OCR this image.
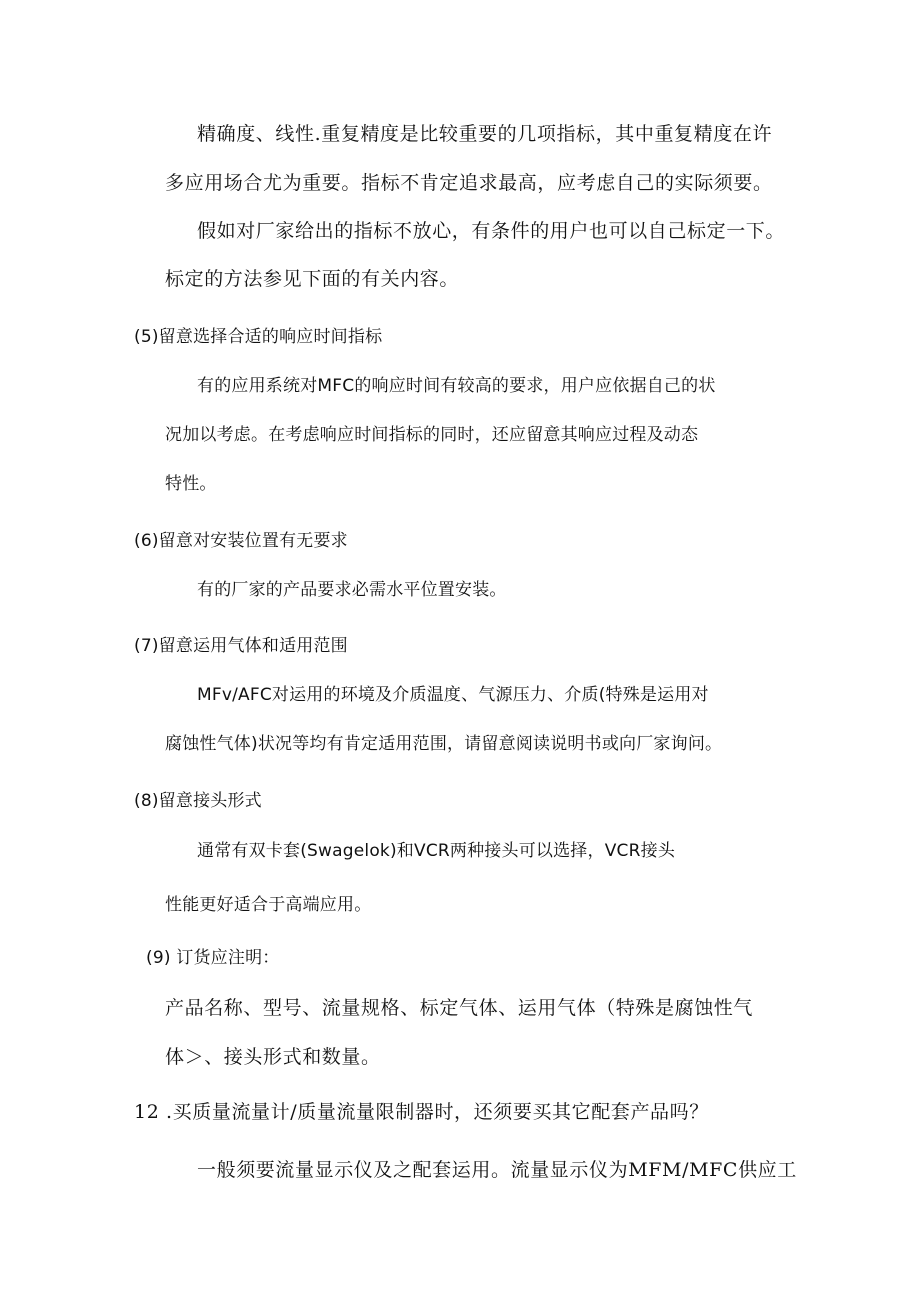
精确度、线性.重复精度是比较重要的几项指标，其中重复精度在许
多应用场合尤为重要。指标不肯定追求最高，应考虑自己的实际须要。
假如对厂家给出的指标不放心，有条件的用户也可以自己标定一下。
标定的方法参见下面的有关内容。
(5)留意选择合适的响应时间指标
有的应用系统对MFC的响应时间有较高的要求，用户应依据自己的状
况加以考虑。在考虑响应时间指标的同时，还应留意其响应过程及动态
特性。
(6)留意对安装位置有无要求
有的厂家的产品要求必需水平位置安装。
(7)留意运用气体和适用范围
MFv/AFC对运用的环境及介质温度、气源压力、介质(特殊是运用对
腐蚀性气体)状况等均有肯定适用范围，请留意阅读说明书或向厂家询问。
(8)留意接头形式
通常有双卡套(Swagelok)和VCR两种接头可以选择，VCR接头
性能更好适合于高端应用。
(9) 订货应注明：
产品名称、型号、流量规格、标定气体、运用气体（特殊是腐蚀性气
体＞、接头形式和数量。
12 .买质量流量计/质量流量限制器时，还须要买其它配套产品吗？
一般须要流量显示仪及之配套运用。流量显示仪为MFM/MFC供应工
